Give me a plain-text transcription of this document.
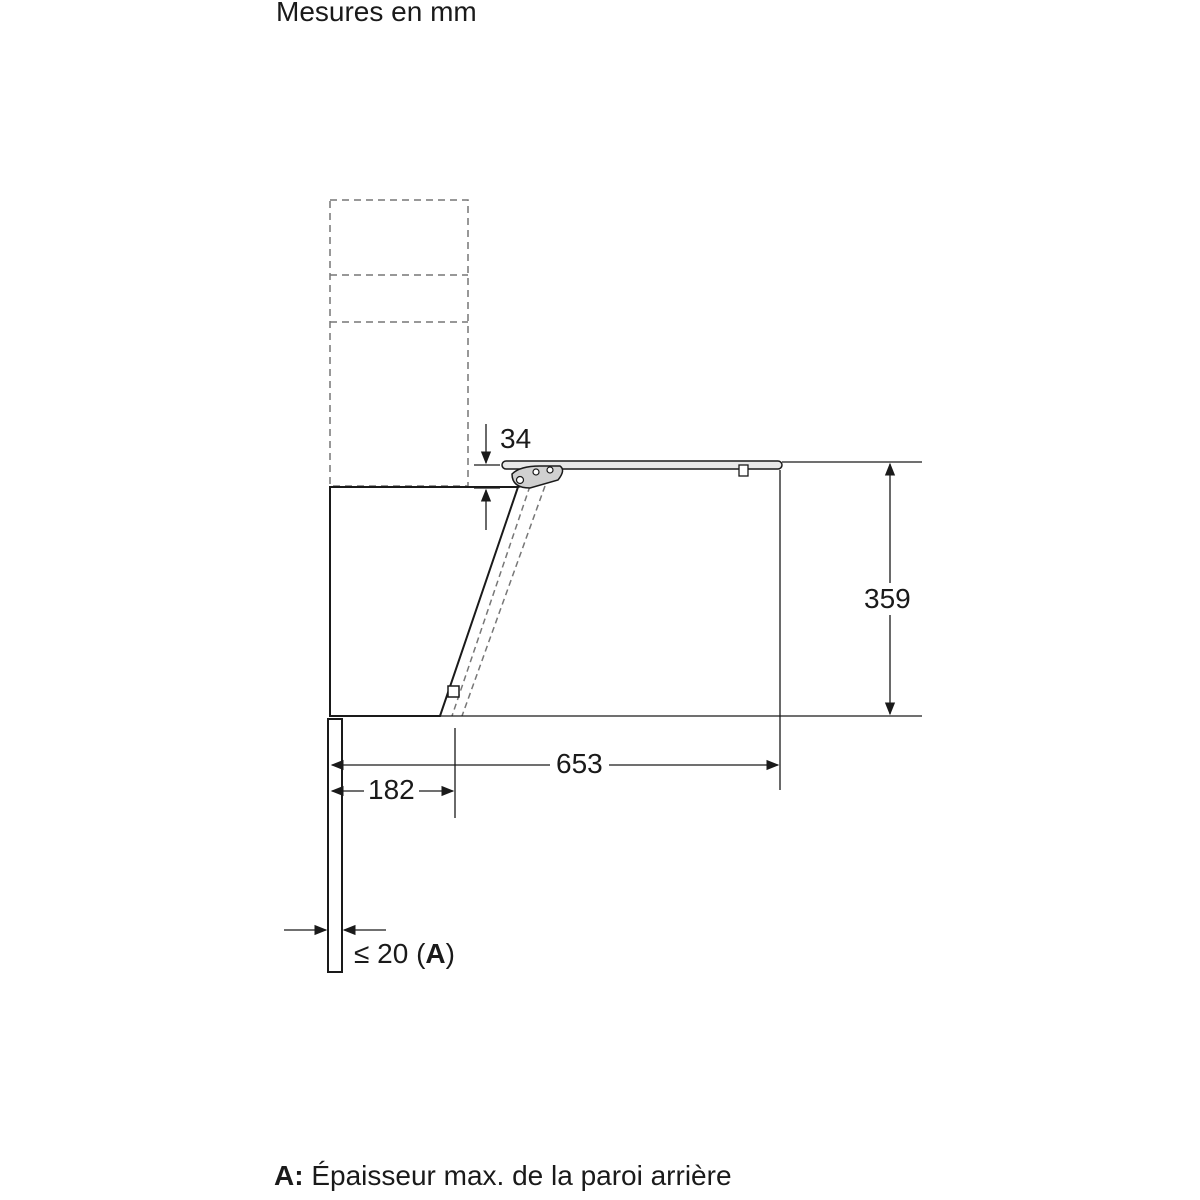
Mesures en mm
359
653
182
34
≤ 20 (A)
A: Épaisseur max. de la paroi arrière
